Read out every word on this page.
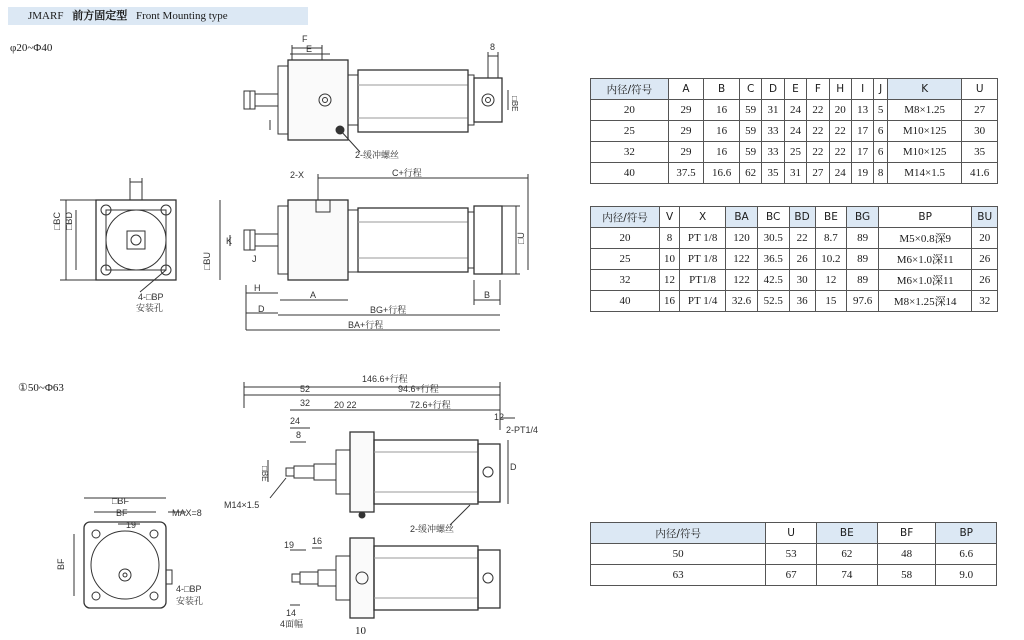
JMARF 前方固定型 Front Mounting type
φ20~Φ40
①50~Φ63
F
E	8
□BE
2-缓冲螺丝
2-X	C+行程
□BC □BD
□BU
K
J
H
A	B
D
□U
BG+行程
BA+行程
4-□BP
安装孔
146.6+行程
52	94.6+行程
32	20 22	72.6+行程
24
8
12
2-PT1/4
M14×1.5
□BE	D
2-缓冲螺丝
□BF
BF
19
MAX=8
BF
4-□BP
安装孔
19 16
14
4面幅
内径/符号	A	B	C	D	E	F	H	I	J	K	U
20	29	16	59	31	24	22	20	13	5	M8×1.25	27
25	29	16	59	33	24	22	22	17	6	M10×125	30
32	29	16	59	33	25	22	22	17	6	M10×125	35
40	37.5	16.6	62	35	31	27	24	19	8	M14×1.5	41.6
内径/符号	V	X	BA	BC	BD	BE	BG	BP	BU
20	8	PT 1/8	120	30.5	22	8.7	89	M5×0.8深9	20
25	10	PT 1/8	122	36.5	26	10.2	89	M6×1.0深11	26
32	12	PT1/8	122	42.5	30	12	89	M6×1.0深11	26
40	16	PT 1/4	32.6	52.5	36	15	97.6	M8×1.25深14	32
内径/符号	U	BE	BF	BP
50	53	62	48	6.6
63	67	74	58	9.0
10
